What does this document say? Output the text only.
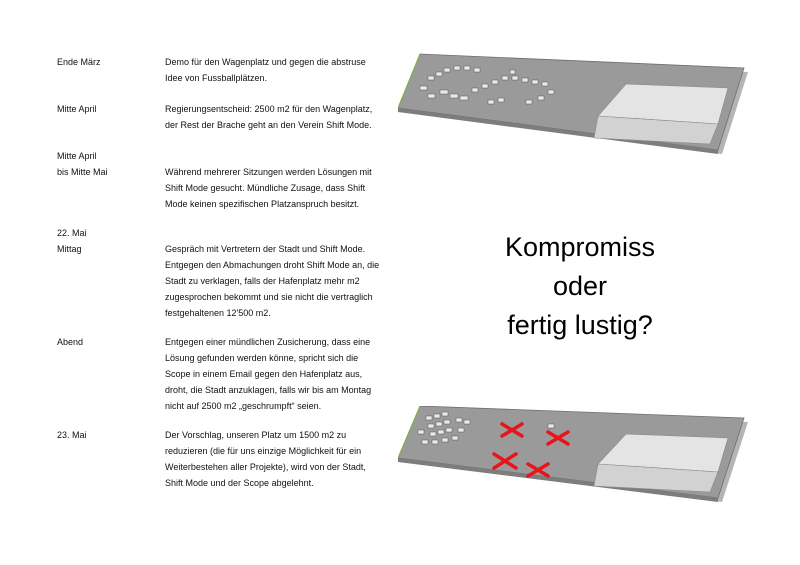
Ende März
Mitte April
Mitte April
bis Mitte Mai
22. Mai
Mittag
Abend
23. Mai
Demo für den Wagenplatz und gegen die abstruse
Idee von Fussballplätzen.
Regierungsentscheid: 2500 m2 für den Wagenplatz,
der Rest der Brache geht an den Verein Shift Mode.
Während mehrerer Sitzungen werden Lösungen mit
Shift Mode gesucht. Mündliche Zusage, dass Shift
Mode keinen spezifischen Platzanspruch besitzt.
Gespräch mit Vertretern der Stadt und Shift Mode.
Entgegen den Abmachungen droht Shift Mode an, die
Stadt zu verklagen, falls der Hafenplatz mehr m2
zugesprochen bekommt und sie nicht die vertraglich
festgehaltenen 12'500 m2.
Entgegen einer mündlichen Zusicherung, dass eine
Lösung gefunden werden könne, spricht sich die
Scope in einem Email gegen den Hafenplatz aus,
droht, die Stadt anzuklagen, falls wir bis am Montag
nicht auf 2500 m2 „geschrumpft“ seien.
Der Vorschlag, unseren Platz um 1500 m2 zu
reduzieren (die für uns einzige Möglichkeit für ein
Weiterbestehen aller Projekte), wird von der Stadt,
Shift Mode und der Scope abgelehnt.
Kompromiss
oder
fertig lustig?
